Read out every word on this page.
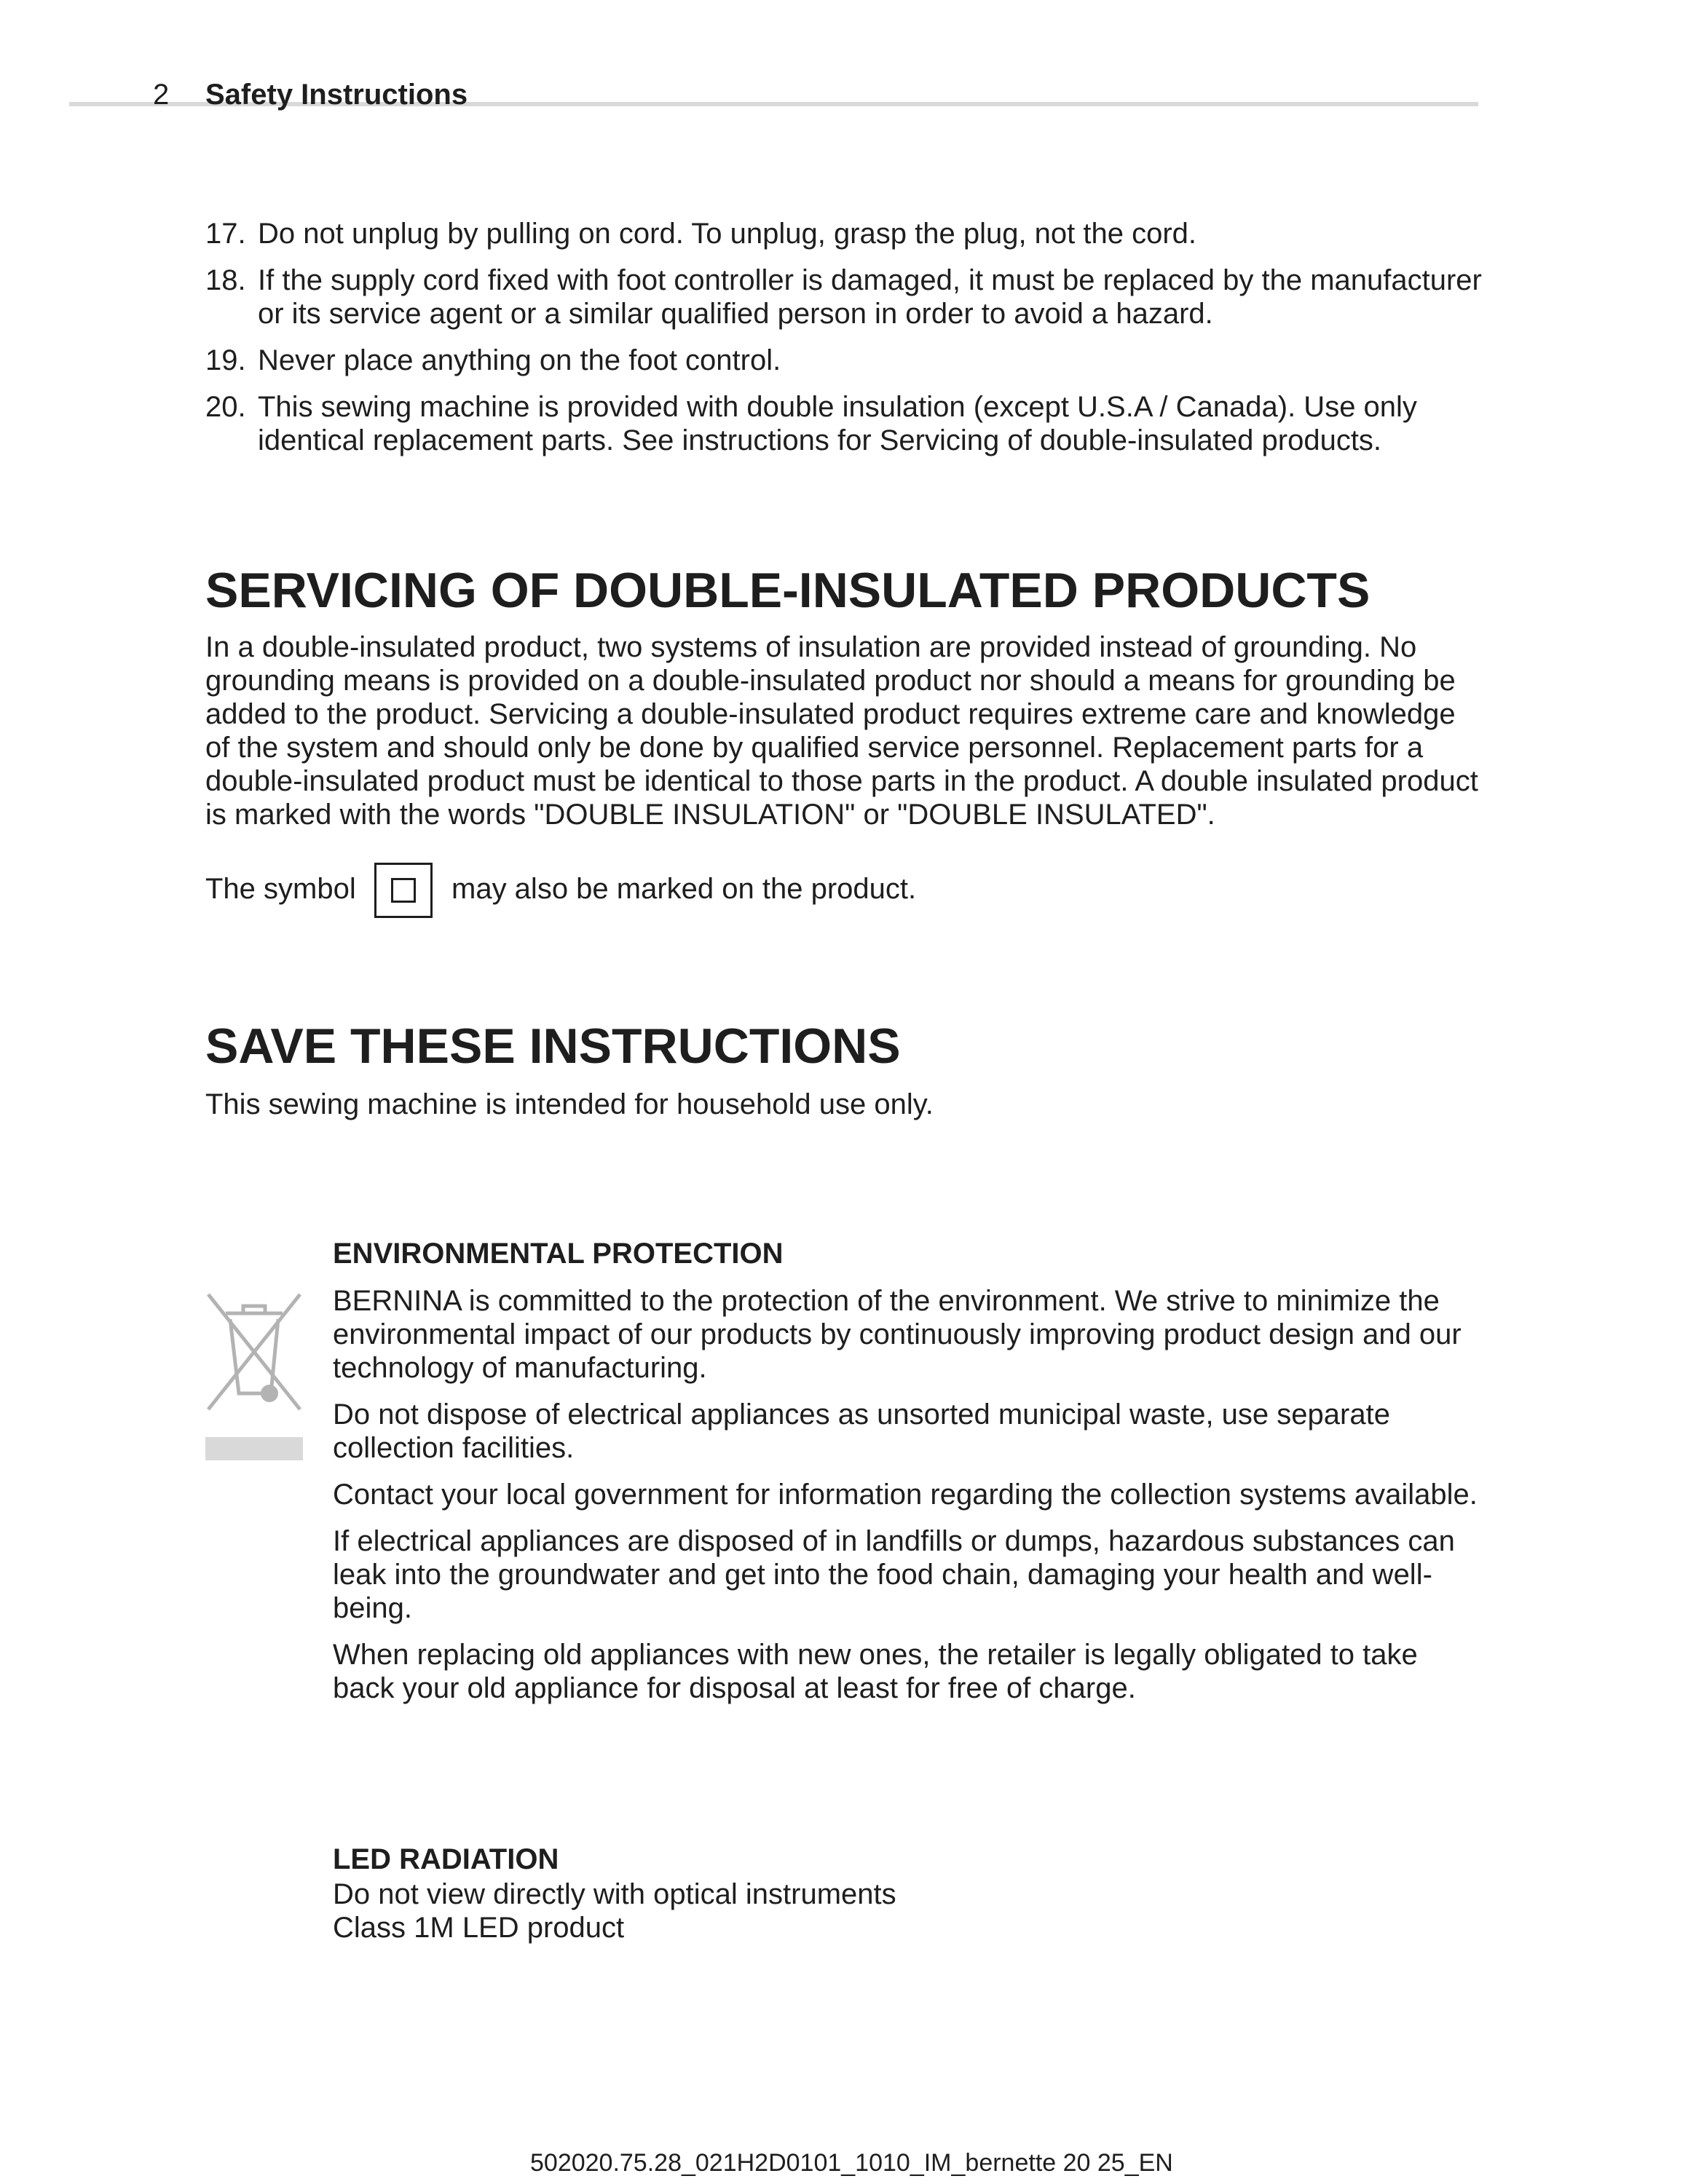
2 Safety Instructions
17. Do not unplug by pulling on cord. To unplug, grasp the plug, not the cord.
18. If the supply cord fixed with foot controller is damaged, it must be replaced by the manufacturer or its service agent or a similar qualified person in order to avoid a hazard.
19. Never place anything on the foot control.
20. This sewing machine is provided with double insulation (except U.S.A / Canada). Use only identical replacement parts. See instructions for Servicing of double-insulated products.
SERVICING OF DOUBLE-INSULATED PRODUCTS

In a double-insulated product, two systems of insulation are provided instead of grounding. No grounding means is provided on a double-insulated product nor should a means for grounding be added to the product. Servicing a double-insulated product requires extreme care and knowledge of the system and should only be done by qualified service personnel. Replacement parts for a double-insulated product must be identical to those parts in the product. A double insulated product is marked with the words "DOUBLE INSULATION" or "DOUBLE INSULATED".

The symbol	may also be marked on the product.

SAVE THESE INSTRUCTIONS

This sewing machine is intended for household use only.

ENVIRONMENTAL PROTECTION

BERNINA is committed to the protection of the environment. We strive to minimize the environmental impact of our products by continuously improving product design and our technology of manufacturing.

Do not dispose of electrical appliances as unsorted municipal waste, use separate collection facilities.

Contact your local government for information regarding the collection systems available.

If electrical appliances are disposed of in landfills or dumps, hazardous substances can leak into the groundwater and get into the food chain, damaging your health and well-being.

When replacing old appliances with new ones, the retailer is legally obligated to take back your old appliance for disposal at least for free of charge.

LED RADIATION

Do not view directly with optical instruments

Class 1M LED product

502020.75.28_021H2D0101_1010_IM_bernette 20 25_EN
